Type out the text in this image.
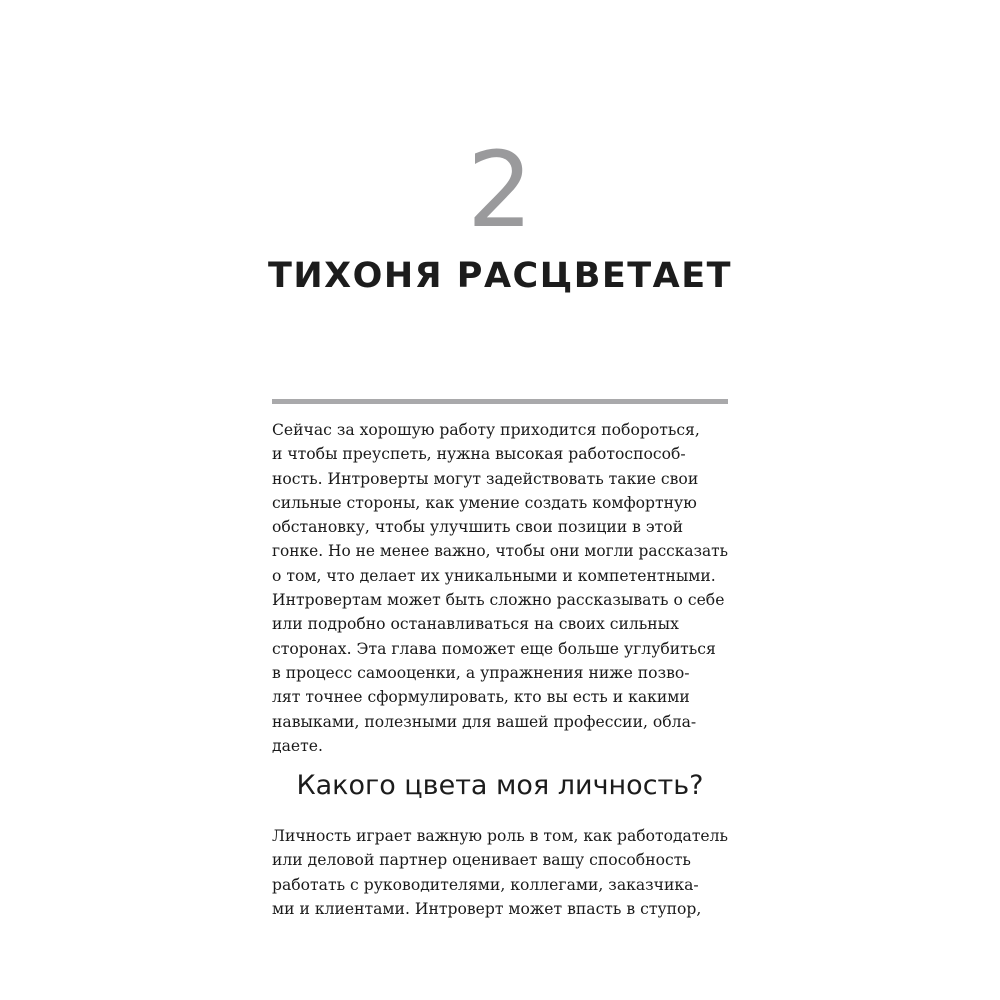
2
ТИХОНЯ РАСЦВЕТАЕТ
Сейчас за хорошую работу приходится побороться,
и чтобы преуспеть, нужна высокая работоспособ-
ность. Интроверты могут задействовать такие свои
сильные стороны, как умение создать комфортную
обстановку, чтобы улучшить свои позиции в этой
гонке. Но не менее важно, чтобы они могли рассказать
о том, что делает их уникальными и компетентными.
Интровертам может быть сложно рассказывать о себе
или подробно останавливаться на своих сильных
сторонах. Эта глава поможет еще больше углубиться
в процесс самооценки, а упражнения ниже позво-
лят точнее сформулировать, кто вы есть и какими
навыками, полезными для вашей профессии, обла-
даете.
Какого цвета моя личность?
Личность играет важную роль в том, как работодатель
или деловой партнер оценивает вашу способность
работать с руководителями, коллегами, заказчика-
ми и клиентами. Интроверт может впасть в ступор,
